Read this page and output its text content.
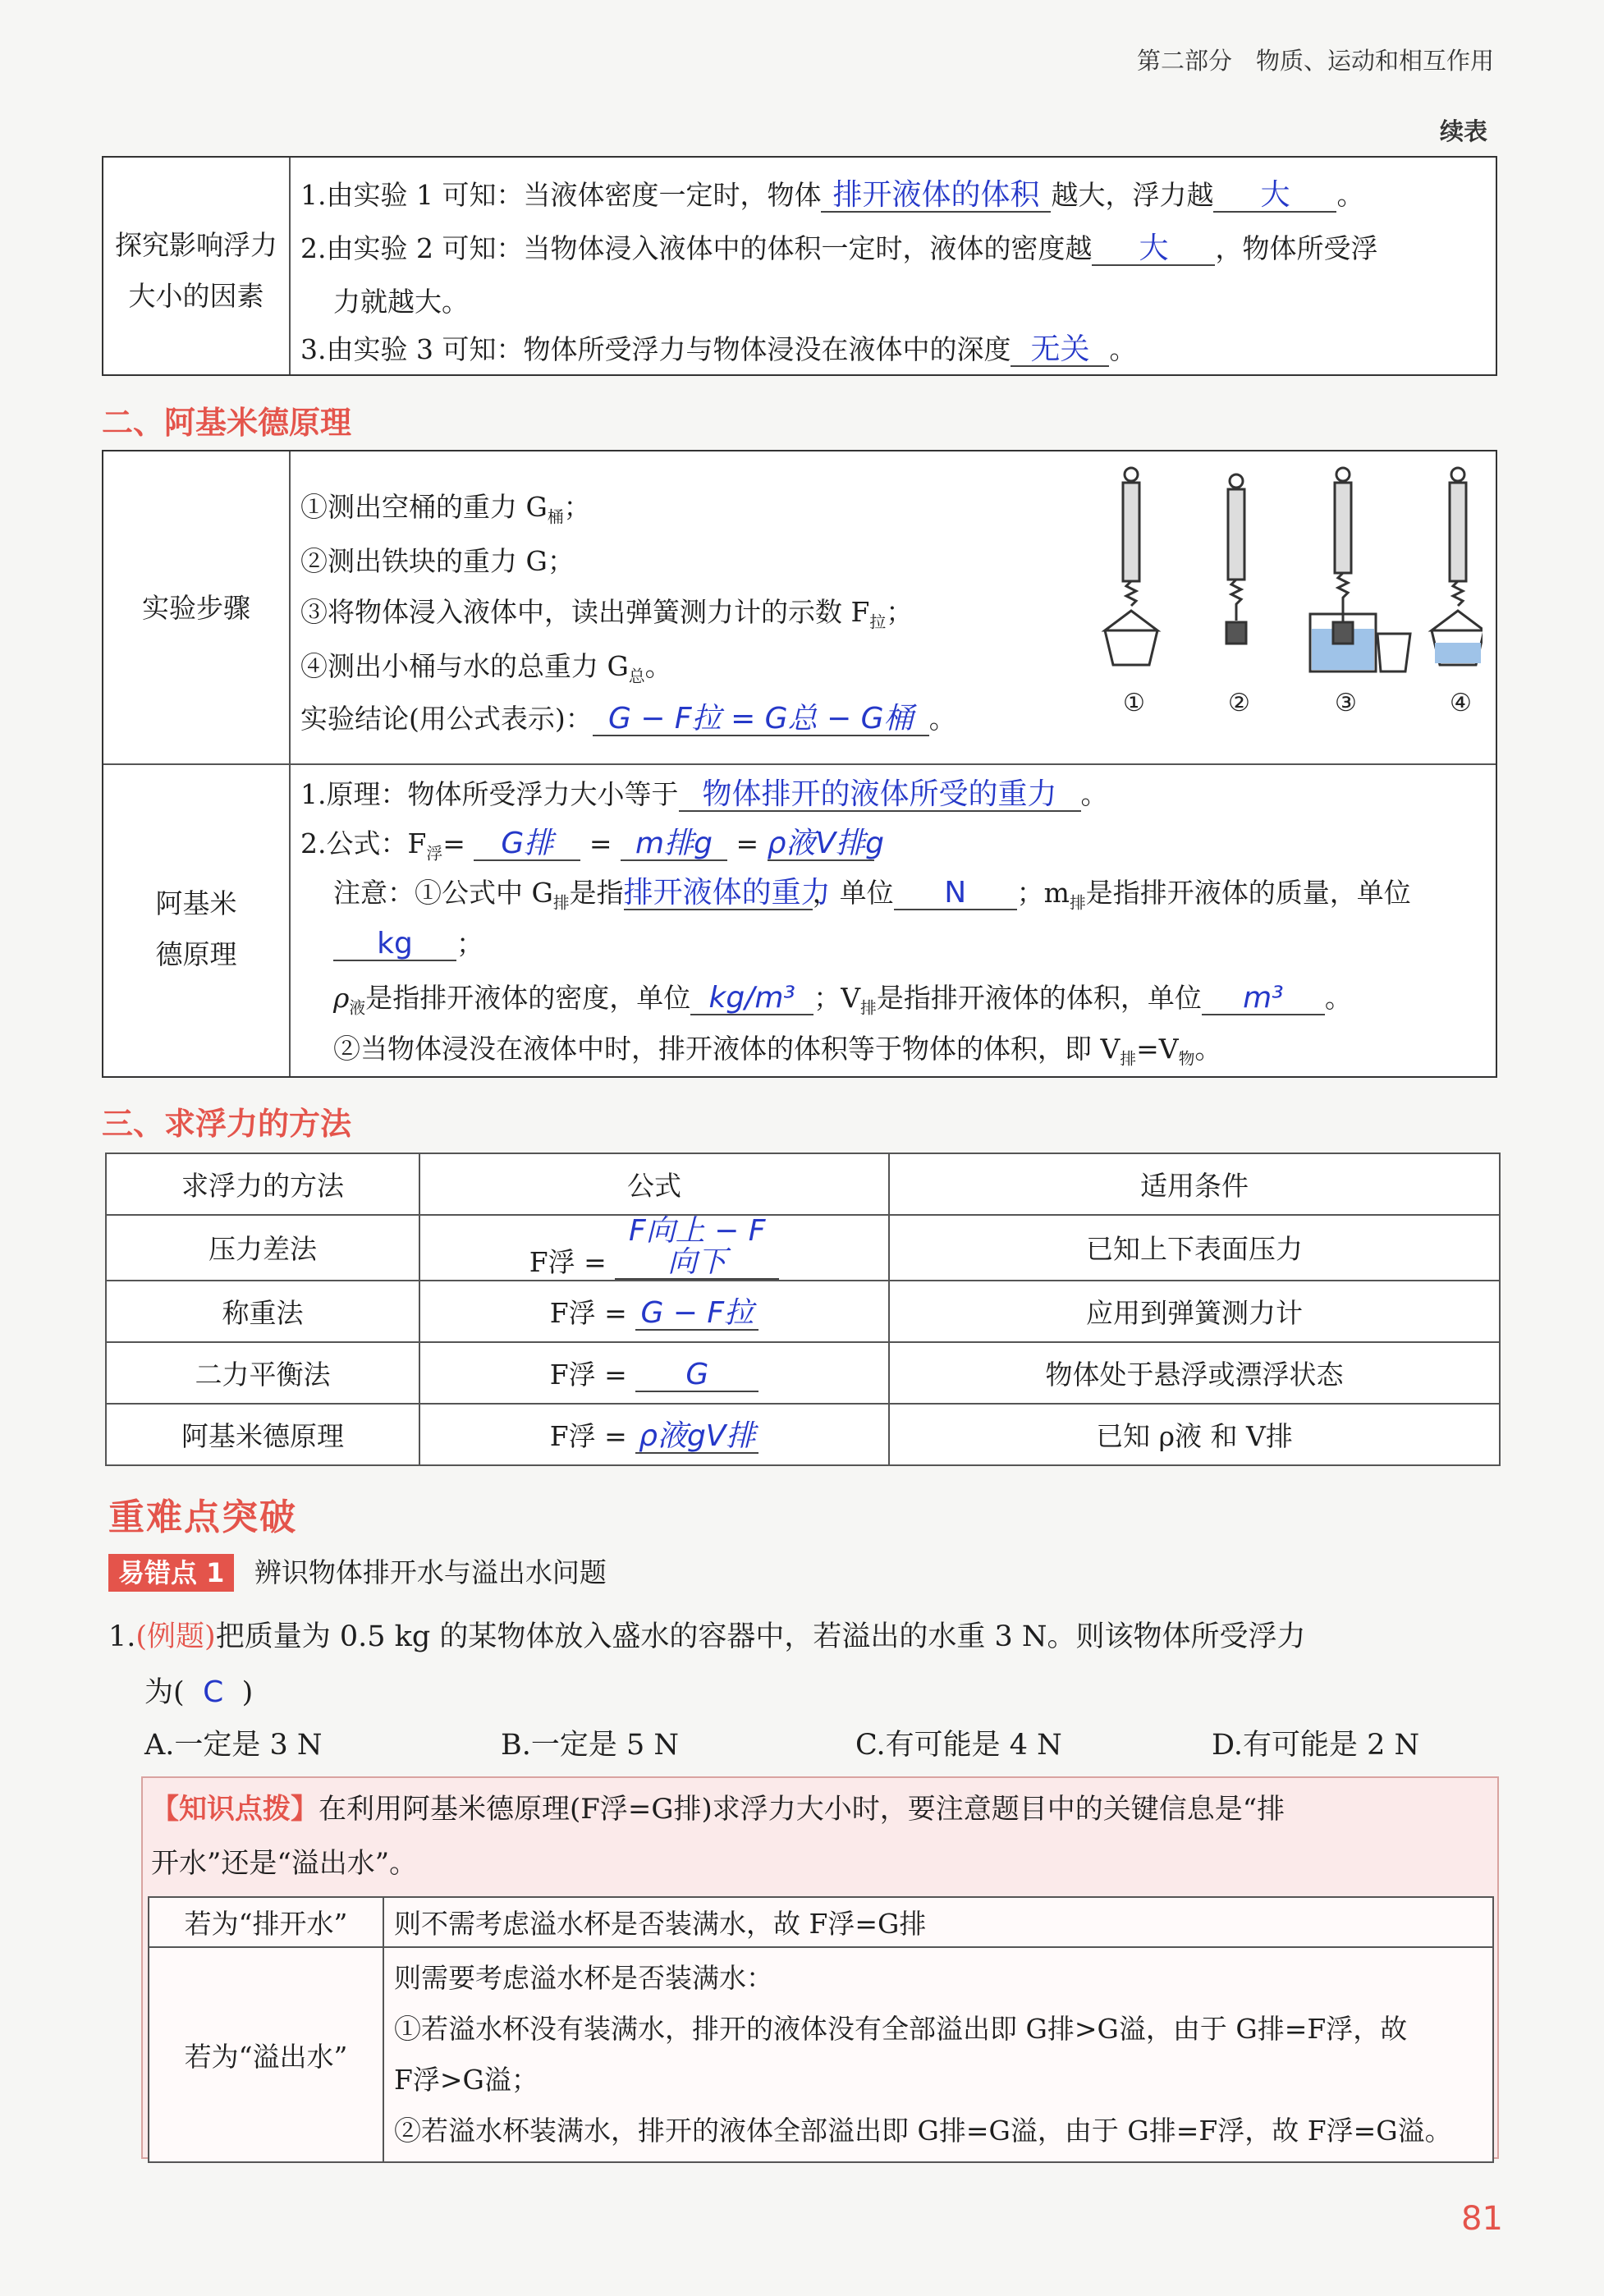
第二部分　 物质、运动和相互作用
续表
探究影响浮力
大小的因素
1.由实验 1 可知：当液体密度一定时，物体 排开液体的体积 越大，浮力越 大 。
2.由实验 2 可知：当物体浸入液体中的体积一定时，液体的密度越 大 ，物体所受浮
力就越大。
3.由实验 3 可知：物体所受浮力与物体浸没在液体中的深度 无关 。
二、阿基米德原理
实验步骤
①测出空桶的重力 $G_桶$；
②测出铁块的重力 G；
③将物体浸入液体中，读出弹簧测力计的示数 $F_拉$；
④测出小桶与水的总重力 $G_总$。
实验结论(用公式表示)： G − F拉 = G总 − G桶 。	①	②	③	④
阿基米
德原理
1.原理：物体所受浮力大小等于 物体排开的液体所受的重力 。
2.公式：$F_浮= G$排 = m排g = ρ液V排g
注意：①公式中 $G_排$是指排开液体的重力，单位 N ；$m_排$是指排开液体的质量，单位
kg ；
$\rho_液$是指排开液体的密度，单位 kg/m³ ；$V_排$是指排开液体的体积，单位 m³ 。
②当物体浸没在液体中时，排开液体的体积等于物体的体积，即 $V_排=V_物$。
三、求浮力的方法
求浮力的方法	公式	适用条件
压力差法	F浮 = F向上 − F向下	已知上下表面压力
称重法	F浮 = G − F拉	应用到弹簧测力计
二力平衡法	F浮 = G	物体处于悬浮或漂浮状态
阿基米德原理	F浮 = ρ液gV排	已知 ρ液 和 V排
重难点突破
易错点 1 辨识物体排开水与溢出水问题
1.(例题)把质量为 0.5 kg 的某物体放入盛水的容器中，若溢出的水重 3 N。则该物体所受浮力
为( C )
A.一定是 3 N	B.一定是 5 N	C.有可能是 4 N	D.有可能是 2 N
【知识点拨】在利用阿基米德原理(F浮=G排)求浮力大小时，要注意题目中的关键信息是“排
开水”还是“溢出水”。
若为“排开水”	则不需考虑溢水杯是否装满水，故 F浮=G排
若为“溢出水”	则需要考虑溢水杯是否装满水：
①若溢水杯没有装满水，排开的液体没有全部溢出即 G排>G溢，由于 G排=F浮，故
F浮>G溢；
②若溢水杯装满水，排开的液体全部溢出即 G排=G溢，由于 G排=F浮，故 F浮=G溢。
81
